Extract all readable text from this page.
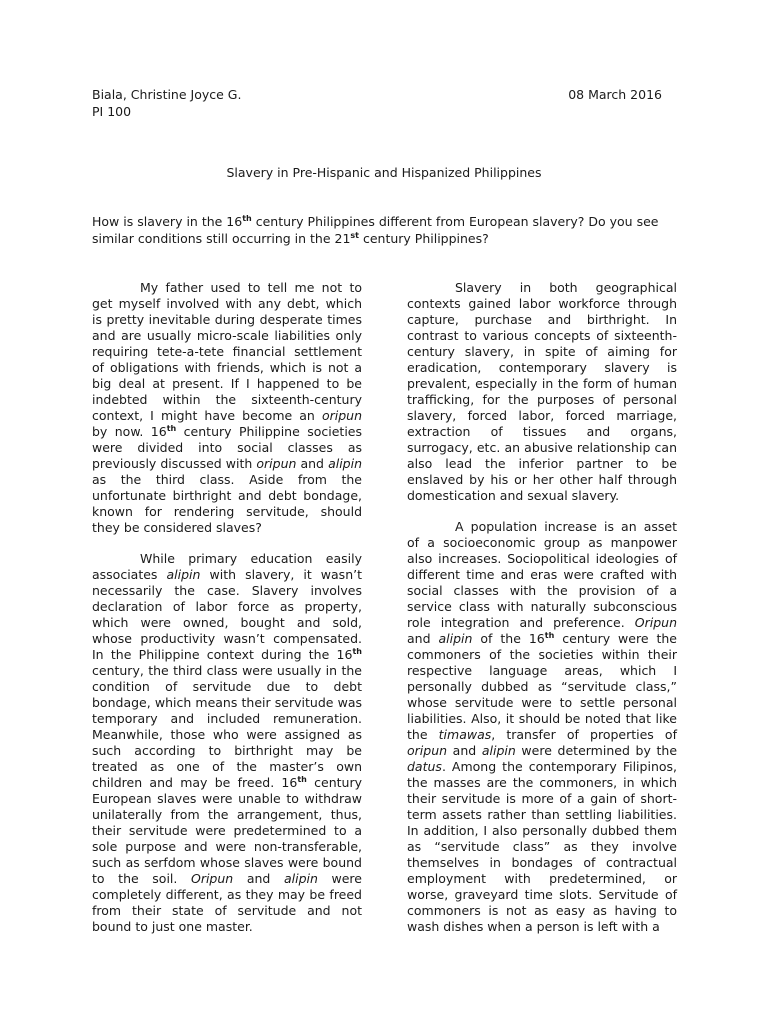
Biala, Christine Joyce G.
PI 100
08 March 2016
Slavery in Pre-Hispanic and Hispanized Philippines
How is slavery in the 16th century Philippines different from European slavery? Do you see similar conditions still occurring in the 21st century Philippines?

My father used to tell me not to get myself involved with any debt, which is pretty inevitable during desperate times and are usually micro-scale liabilities only requiring tete-a-tete financial settlement of obligations with friends, which is not a big deal at present. If I happened to be indebted within the sixteenth-century context, I might have become an oripun by now. 16th century Philippine societies were divided into social classes as previously discussed with oripun and alipin as the third class. Aside from the unfortunate birthright and debt bondage, known for rendering servitude, should they be considered slaves?

While primary education easily associates alipin with slavery, it wasn’t necessarily the case. Slavery involves declaration of labor force as property, which were owned, bought and sold, whose productivity wasn’t compensated. In the Philippine context during the 16th century, the third class were usually in the condition of servitude due to debt bondage, which means their servitude was temporary and included remuneration. Meanwhile, those who were assigned as such according to birthright may be treated as one of the master’s own children and may be freed. 16th century European slaves were unable to withdraw unilaterally from the arrangement, thus, their servitude were predetermined to a sole purpose and were non-transferable, such as serfdom whose slaves were bound to the soil. Oripun and alipin were completely different, as they may be freed from their state of servitude and not bound to just one master.

Slavery in both geographical contexts gained labor workforce through capture, purchase and birthright. In contrast to various concepts of sixteenth-century slavery, in spite of aiming for eradication, contemporary slavery is prevalent, especially in the form of human trafficking, for the purposes of personal slavery, forced labor, forced marriage, extraction of tissues and organs, surrogacy, etc. an abusive relationship can also lead the inferior partner to be enslaved by his or her other half through domestication and sexual slavery.

A population increase is an asset of a socioeconomic group as manpower also increases. Sociopolitical ideologies of different time and eras were crafted with social classes with the provision of a service class with naturally subconscious role integration and preference. Oripun and alipin of the 16th century were the commoners of the societies within their respective language areas, which I personally dubbed as “servitude class,” whose servitude were to settle personal liabilities. Also, it should be noted that like the timawas, transfer of properties of oripun and alipin were determined by the datus. Among the contemporary Filipinos, the masses are the commoners, in which their servitude is more of a gain of short-term assets rather than settling liabilities. In addition, I also personally dubbed them as “servitude class” as they involve themselves in bondages of contractual employment with predetermined, or worse, graveyard time slots. Servitude of commoners is not as easy as having to wash dishes when a person is left with a
